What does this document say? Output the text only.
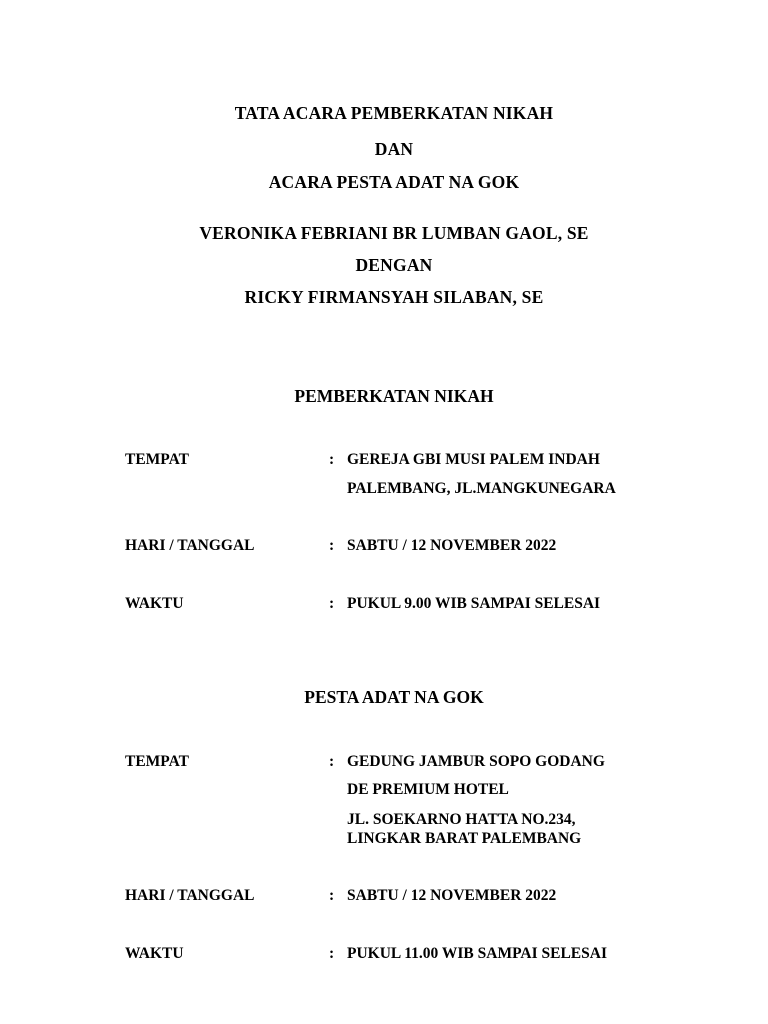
TATA ACARA PEMBERKATAN NIKAH
DAN
ACARA PESTA ADAT NA GOK
VERONIKA FEBRIANI BR LUMBAN GAOL, SE
DENGAN
RICKY FIRMANSYAH SILABAN, SE
PEMBERKATAN NIKAH
TEMPAT	: GEREJA GBI MUSI PALEM INDAH
PALEMBANG, JL.MANGKUNEGARA
HARI / TANGGAL	: SABTU / 12 NOVEMBER 2022
WAKTU	: PUKUL 9.00 WIB SAMPAI SELESAI
PESTA ADAT NA GOK
TEMPAT	: GEDUNG JAMBUR SOPO GODANG
DE PREMIUM HOTEL
JL. SOEKARNO HATTA NO.234,
LINGKAR BARAT PALEMBANG
HARI / TANGGAL	: SABTU / 12 NOVEMBER 2022
WAKTU	: PUKUL 11.00 WIB SAMPAI SELESAI
